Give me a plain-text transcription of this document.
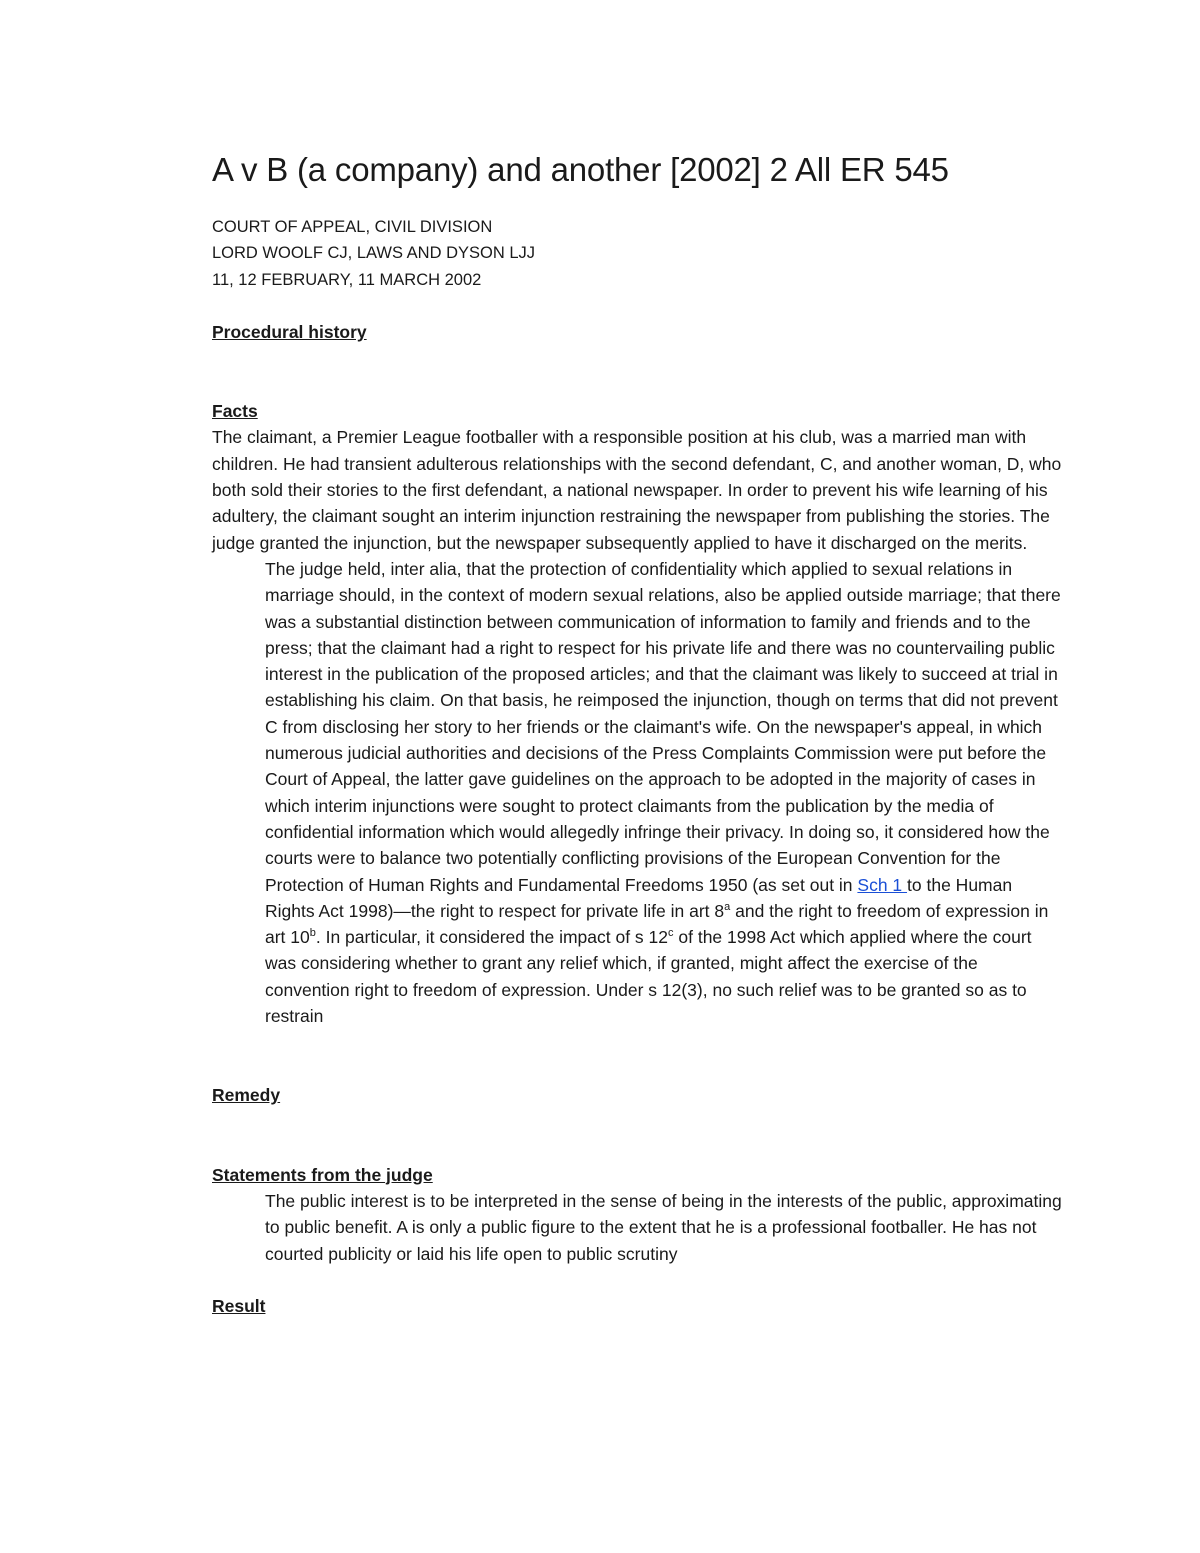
A v B (a company) and another [2002] 2 All ER 545
COURT OF APPEAL, CIVIL DIVISION
LORD WOOLF CJ, LAWS AND DYSON LJJ
11, 12 FEBRUARY, 11 MARCH 2002
Procedural history
Facts

The claimant, a Premier League footballer with a responsible position at his club, was a married man with children. He had transient adulterous relationships with the second defendant, C, and another woman, D, who both sold their stories to the first defendant, a national newspaper. In order to prevent his wife learning of his adultery, the claimant sought an interim injunction restraining the newspaper from publishing the stories. The judge granted the injunction, but the newspaper subsequently applied to have it discharged on the merits.

The judge held, inter alia, that the protection of confidentiality which applied to sexual relations in marriage should, in the context of modern sexual relations, also be applied outside marriage; that there was a substantial distinction between communication of information to family and friends and to the press; that the claimant had a right to respect for his private life and there was no countervailing public interest in the publication of the proposed articles; and that the claimant was likely to succeed at trial in establishing his claim. On that basis, he reimposed the injunction, though on terms that did not prevent C from disclosing her story to her friends or the claimant's wife. On the newspaper's appeal, in which numerous judicial authorities and decisions of the Press Complaints Commission were put before the Court of Appeal, the latter gave guidelines on the approach to be adopted in the majority of cases in which interim injunctions were sought to protect claimants from the publication by the media of confidential information which would allegedly infringe their privacy. In doing so, it considered how the courts were to balance two potentially conflicting provisions of the European Convention for the Protection of Human Rights and Fundamental Freedoms 1950 (as set out in Sch 1 to the Human Rights Act 1998)—the right to respect for private life in art 8$^a$ and the right to freedom of expression in art 10$^b$. In particular, it considered the impact of s 12$^c$ of the 1998 Act which applied where the court was considering whether to grant any relief which, if granted, might affect the exercise of the convention right to freedom of expression. Under s 12(3), no such relief was to be granted so as to restrain

Remedy
Statements from the judge

The public interest is to be interpreted in the sense of being in the interests of the public, approximating to public benefit. A is only a public figure to the extent that he is a professional footballer. He has not courted publicity or laid his life open to public scrutiny

Result
